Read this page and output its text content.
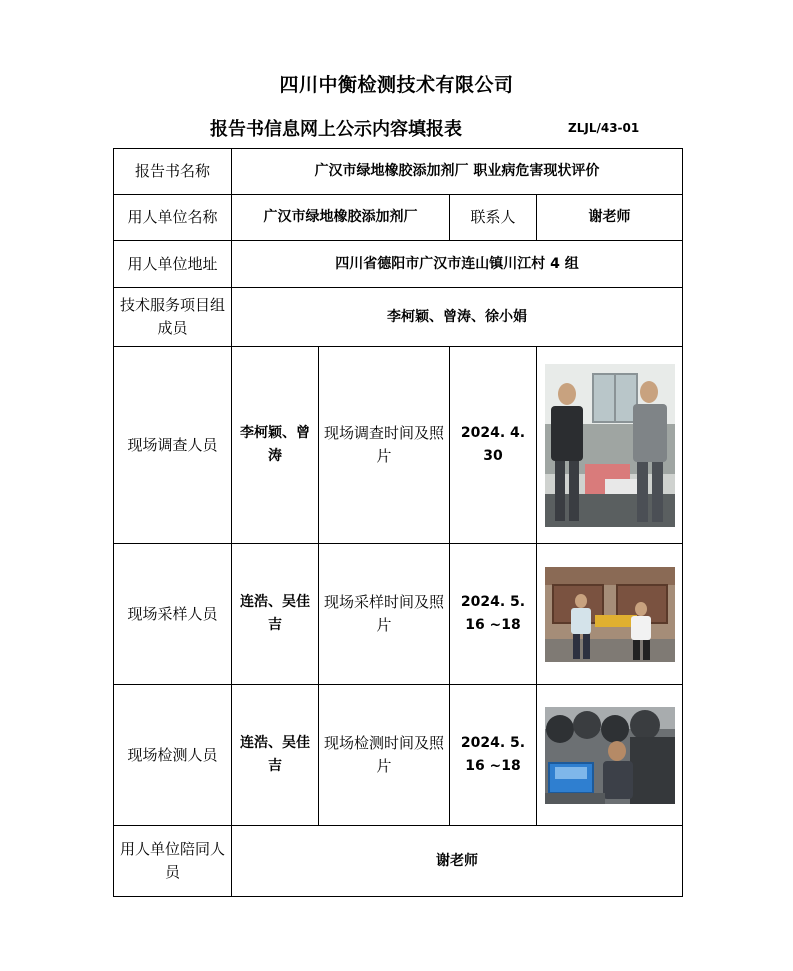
四川中衡检测技术有限公司
报告书信息网上公示内容填报表	ZLJL/43-01
报告书名称	广汉市绿地橡胶添加剂厂 职业病危害现状评价			
用人单位名称	广汉市绿地橡胶添加剂厂		联系人	谢老师
用人单位地址	四川省德阳市广汉市连山镇川江村 4 组			
技术服务项目组成员	李柯颖、曾涛、徐小娟			
现场调查人员	李柯颖、曾涛	现场调查时间及照片	2024. 4. 30	

现场采样人员	连浩、吴佳吉	现场采样时间及照片	2024. 5. 16 ~18	

现场检测人员	连浩、吴佳吉	现场检测时间及照片	2024. 5. 16 ~18	

用人单位陪同人员	谢老师			
